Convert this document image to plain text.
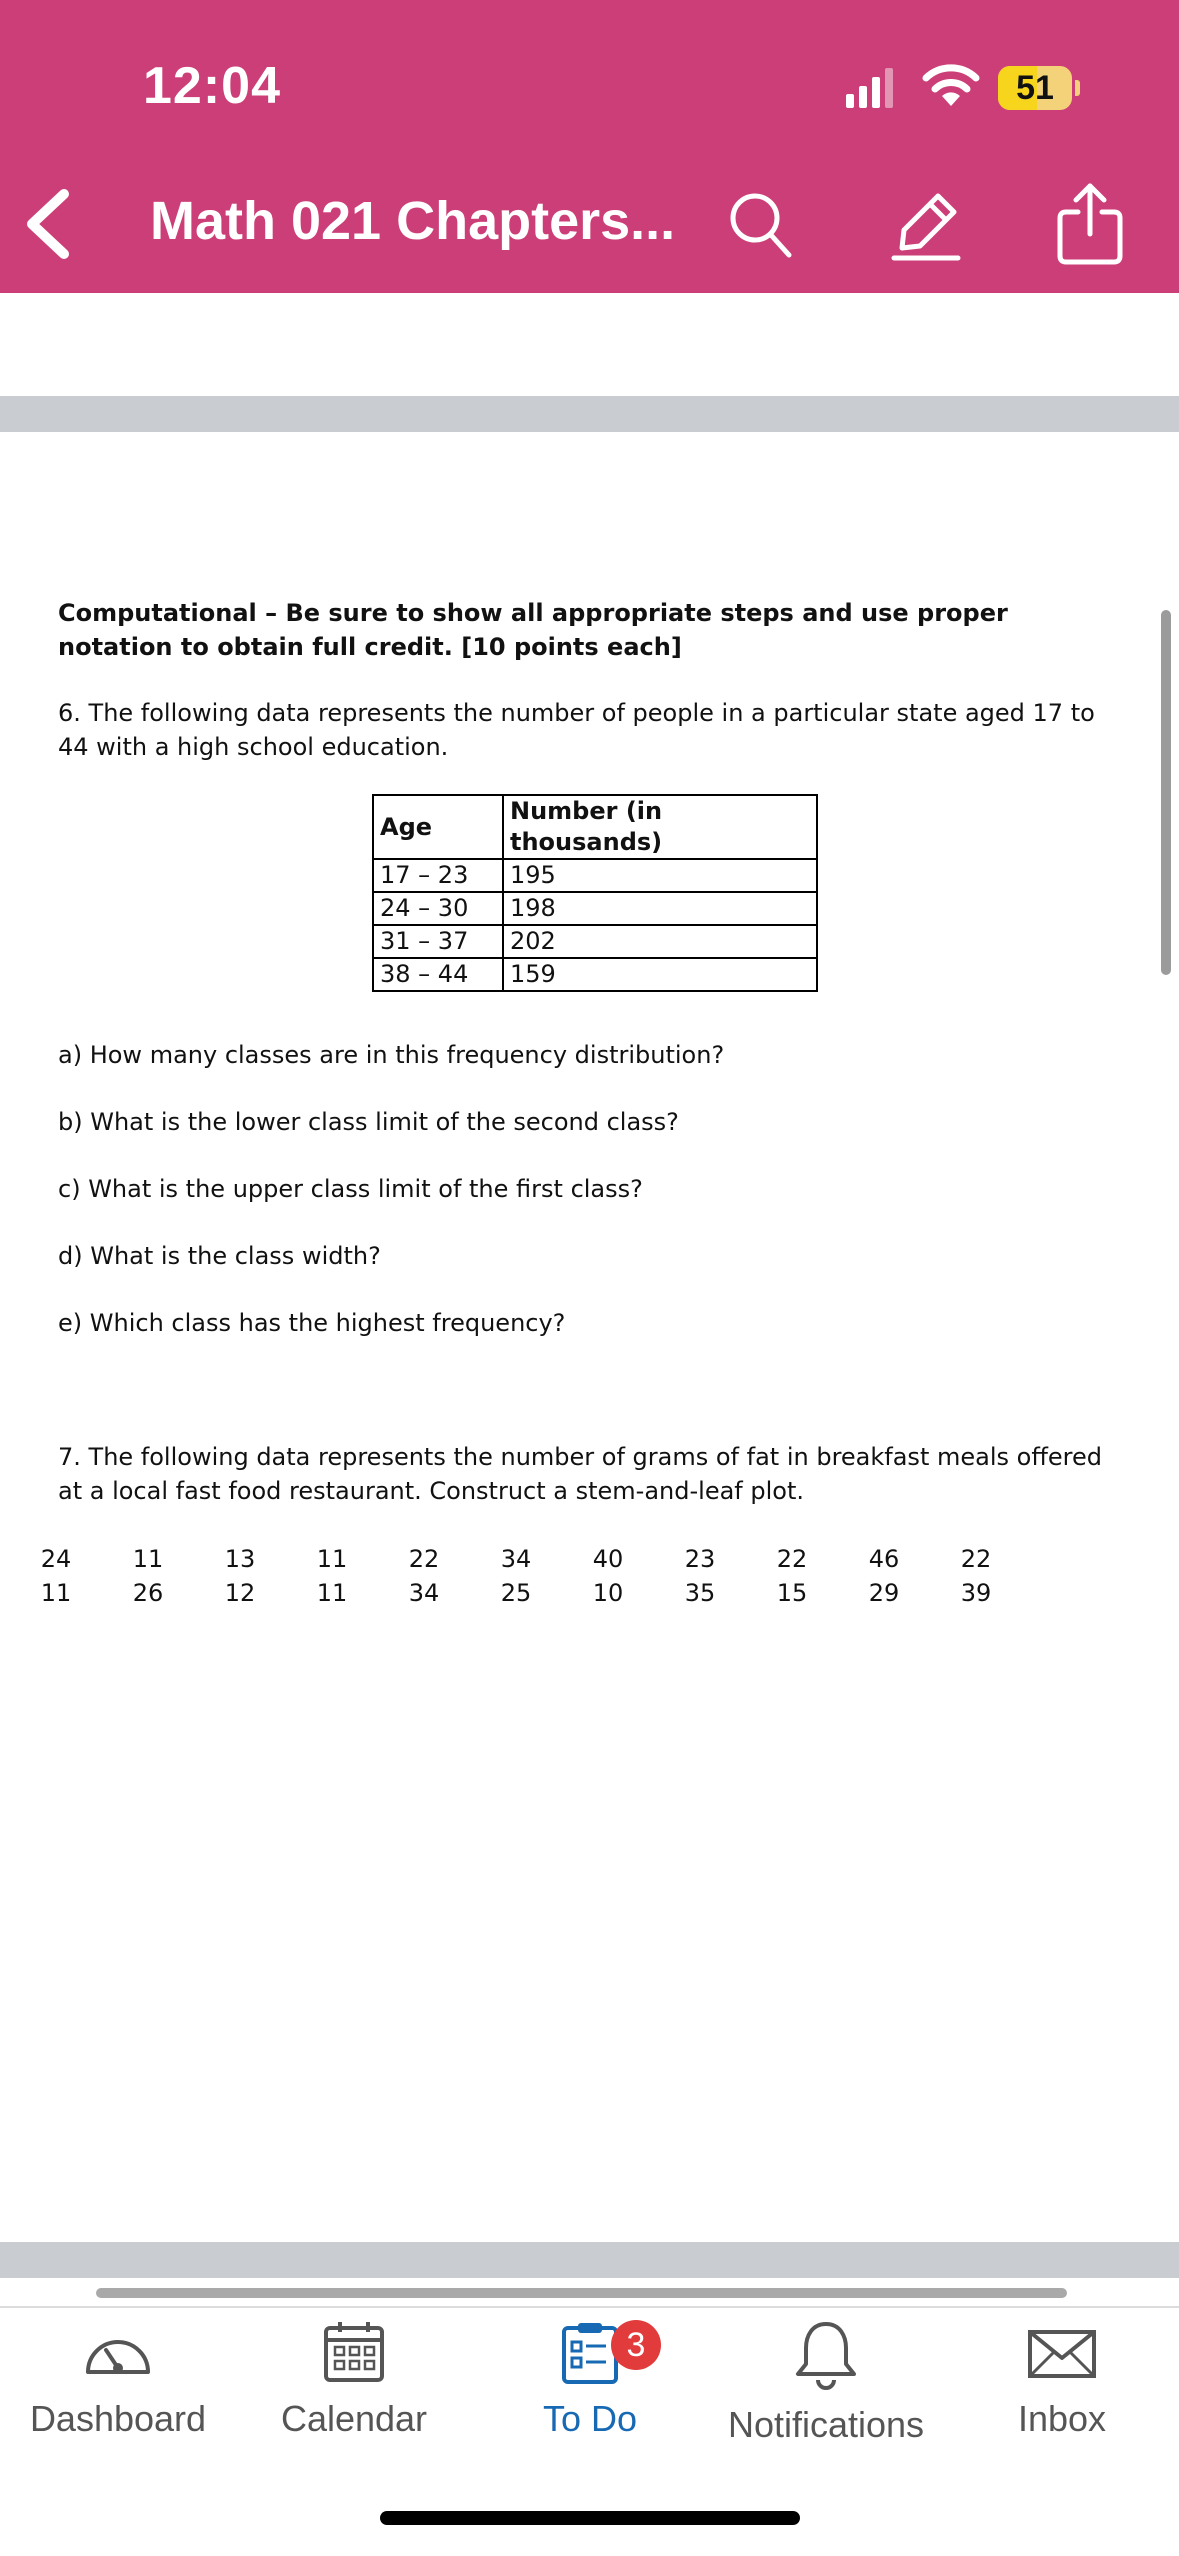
12:04	51
Math 021 Chapters...

Computational – Be sure to show all appropriate steps and use proper notation to obtain full credit. [10 points each]

6. The following data represents the number of people in a particular state aged 17 to 44 with a high school education.

Age	Number (in thousands)
17 – 23	195
24 – 30	198
31 – 37	202
38 – 44	159

a) How many classes are in this frequency distribution?

b) What is the lower class limit of the second class?

c) What is the upper class limit of the first class?

d) What is the class width?

e) Which class has the highest frequency?

7. The following data represents the number of grams of fat in breakfast meals offered at a local fast food restaurant. Construct a stem-and-leaf plot.

24	11	13	11	22	34	40	23	22	46	22
11	26	12	11	34	25	10	35	15	29	39
Dashboard	Calendar
3
To Do	Notifications	Inbox
